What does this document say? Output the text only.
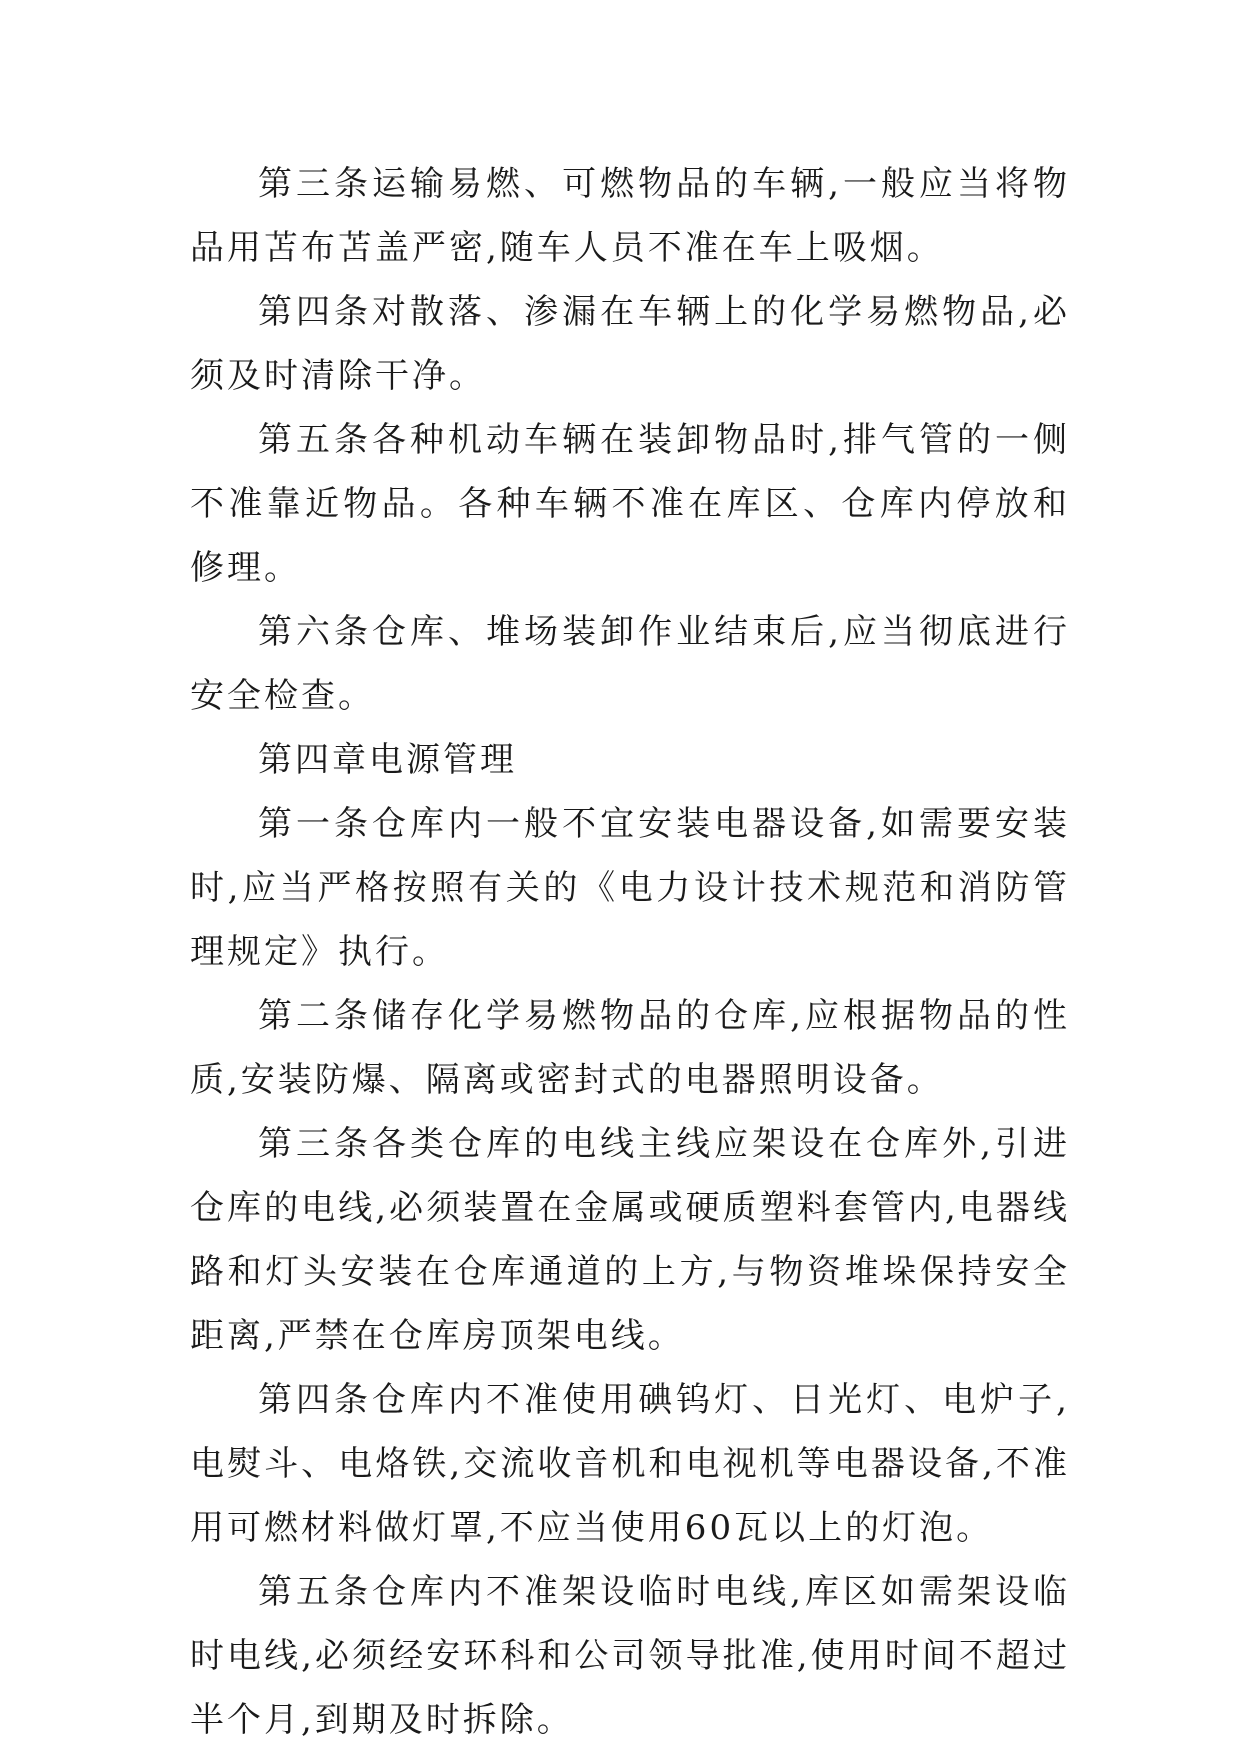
第三条运输易燃、可燃物品的车辆,一般应当将物品用苫布苫盖严密,随车人员不准在车上吸烟。

第四条对散落、渗漏在车辆上的化学易燃物品,必须及时清除干净。

第五条各种机动车辆在装卸物品时,排气管的一侧不准靠近物品。各种车辆不准在库区、仓库内停放和修理。

第六条仓库、堆场装卸作业结束后,应当彻底进行安全检查。

第四章电源管理

第一条仓库内一般不宜安装电器设备,如需要安装时,应当严格按照有关的《电力设计技术规范和消防管理规定》执行。

第二条储存化学易燃物品的仓库,应根据物品的性质,安装防爆、隔离或密封式的电器照明设备。

第三条各类仓库的电线主线应架设在仓库外,引进仓库的电线,必须装置在金属或硬质塑料套管内,电器线路和灯头安装在仓库通道的上方,与物资堆垛保持安全距离,严禁在仓库房顶架电线。

第四条仓库内不准使用碘钨灯、日光灯、电炉子,电熨斗、电烙铁,交流收音机和电视机等电器设备,不准用可燃材料做灯罩,不应当使用60瓦以上的灯泡。

第五条仓库内不准架设临时电线,库区如需架设临时电线,必须经安环科和公司领导批准,使用时间不超过半个月,到期及时拆除。
